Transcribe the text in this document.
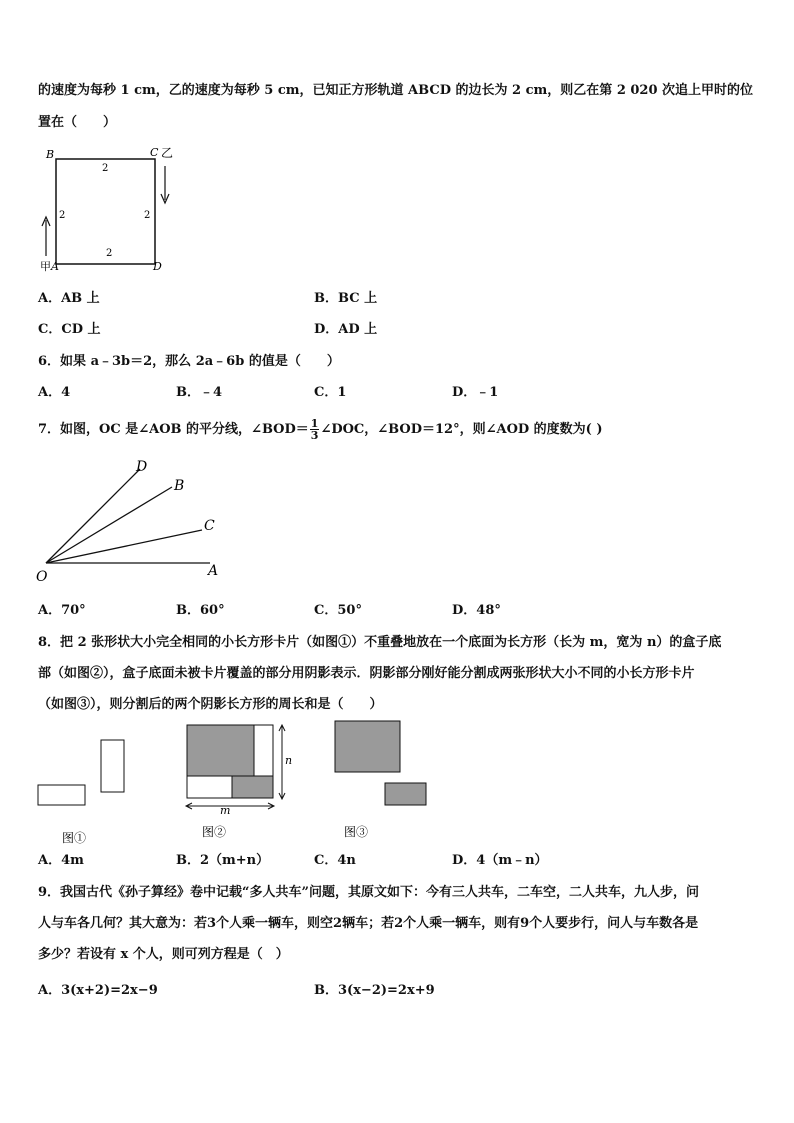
的速度为每秒 1 cm，乙的速度为每秒 5 cm，已知正方形轨道 ABCD 的边长为 2 cm，则乙在第 2 020 次追上甲时的位
置在（　　）
B	C 乙
2
2	2
2
甲 A	D
A．AB 上	B．BC 上
C．CD 上	D．AD 上
6．如果 a﹣3b＝2，那么 2a﹣6b 的值是（　　）
A．4	B．﹣4	C．1	D．﹣1
7．如图，OC 是∠AOB 的平分线，∠BOD＝ $\frac{1}{3}$ ∠DOC，∠BOD＝12°，则∠AOD 的度数为( )
D
B
C
O	A
A．70°	B．60°	C．50°	D．48°
8．把 2 张形状大小完全相同的小长方形卡片（如图①）不重叠地放在一个底面为长方形（长为 m，宽为 n）的盒子底
部（如图②），盒子底面未被卡片覆盖的部分用阴影表示．阴影部分刚好能分割成两张形状大小不同的小长方形卡片
（如图③），则分割后的两个阴影长方形的周长和是（　　）
图①
n
m
图②	图③
A．4m	B．2（m+n）	C．4n	D．4（m﹣n）
9．我国古代《孙子算经》卷中记载“多人共车”问题，其原文如下：今有三人共车，二车空，二人共车，九人步，问
人与车各几何？其大意为：若3个人乘一辆车，则空2辆车；若2个人乘一辆车，则有9个人要步行，问人与车数各是
多少？若设有 x 个人，则可列方程是（　）
A．3(x+2)=2x−9	B．3(x−2)=2x+9
